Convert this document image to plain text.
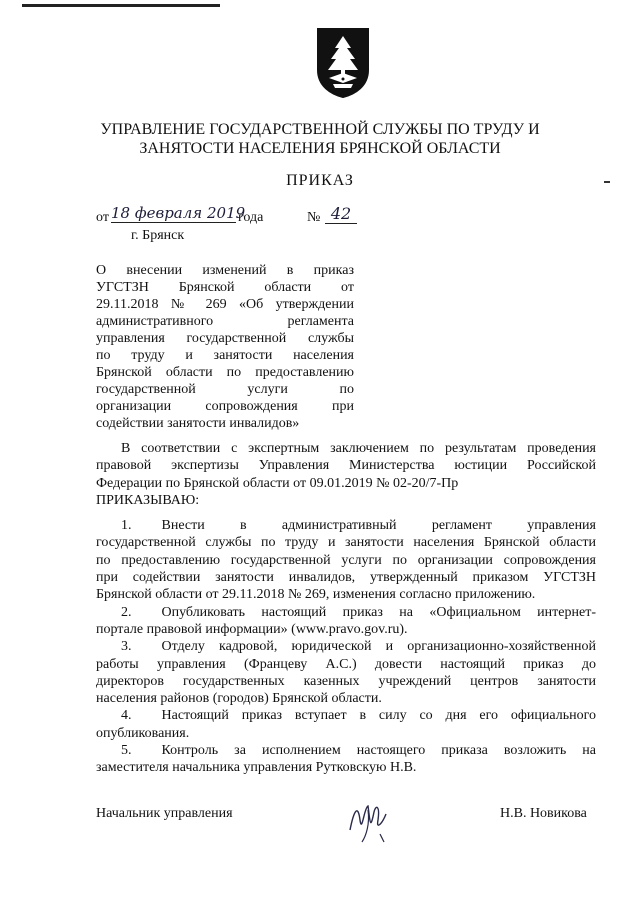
УПРАВЛЕНИЕ ГОСУДАРСТВЕННОЙ СЛУЖБЫ ПО ТРУДУ И
ЗАНЯТОСТИ НАСЕЛЕНИЯ БРЯНСКОЙ ОБЛАСТИ
ПРИКАЗ
от 18 февраля 2019
года	№ 42
г. Брянск
О внесении изменений в приказ
УГСТЗН Брянской области от
29.11.2018 № 269 «Об утверждении
административного регламента
управления государственной службы
по труду и занятости населения
Брянской области по предоставлению
государственной услуги по
организации сопровождения при
содействии занятости инвалидов»
В соответствии с экспертным заключением по результатам проведения
правовой экспертизы Управления Министерства юстиции Российской
Федерации по Брянской области от 09.01.2019 № 02-20/7-Пр
ПРИКАЗЫВАЮ:
1. Внести в административный регламент управления
государственной службы по труду и занятости населения Брянской области
по предоставлению государственной услуги по организации сопровождения
при содействии занятости инвалидов, утвержденный приказом УГСТЗН
Брянской области от 29.11.2018 № 269, изменения согласно приложению.
2. Опубликовать настоящий приказ на «Официальном интернет-
портале правовой информации» (www.pravo.gov.ru).
3. Отделу кадровой, юридической и организационно-хозяйственной
работы управления (Францеву А.С.) довести настоящий приказ до
директоров государственных казенных учреждений центров занятости
населения районов (городов) Брянской области.
4. Настоящий приказ вступает в силу со дня его официального
опубликования.
5. Контроль за исполнением настоящего приказа возложить на
заместителя начальника управления Рутковскую Н.В.
Начальник управления	Н.В. Новикова
